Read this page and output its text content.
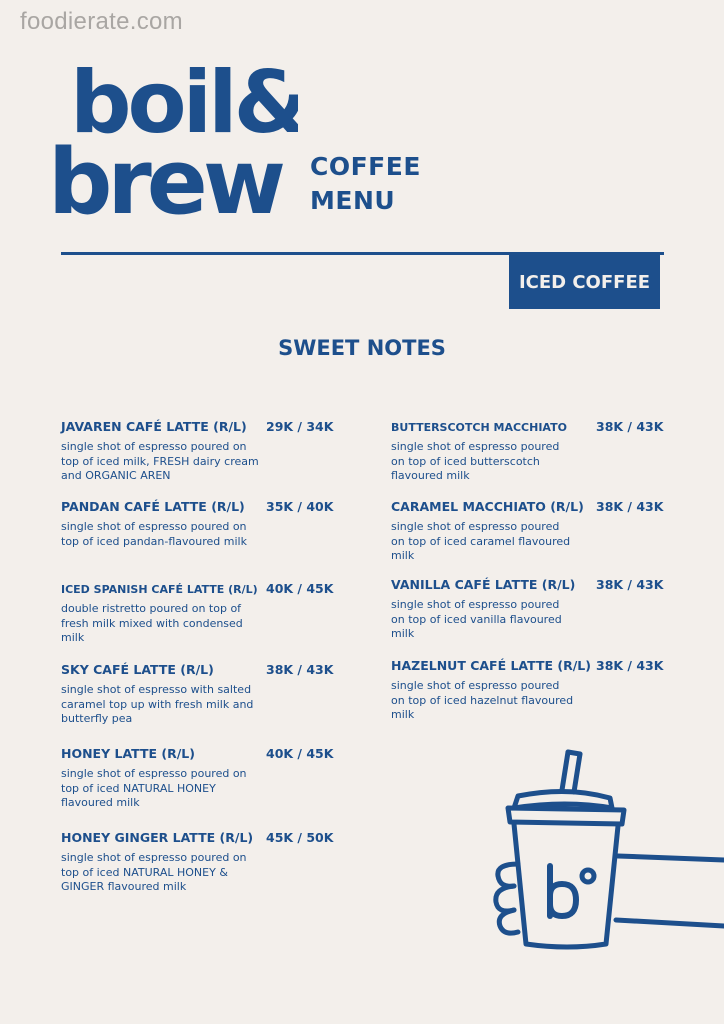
foodierate.com
boil&
brew COFFEE
MENU
ICED COFFEE
SWEET NOTES
JAVAREN CAFÉ LATTE (R/L) 29K / 34K
single shot of espresso poured on top of iced milk, FRESH dairy cream and ORGANIC AREN
PANDAN CAFÉ LATTE (R/L) 35K / 40K
single shot of espresso poured on top of iced pandan-flavoured milk
ICED SPANISH CAFÉ LATTE (R/L) 40K / 45K
double ristretto poured on top of fresh milk mixed with condensed milk
SKY CAFÉ LATTE (R/L)	38K / 43K
single shot of espresso with salted caramel top up with fresh milk and butterfly pea
HONEY LATTE (R/L)	40K / 45K
single shot of espresso poured on top of iced NATURAL HONEY flavoured milk
HONEY GINGER LATTE (R/L) 45K / 50K
single shot of espresso poured on top of iced NATURAL HONEY & GINGER flavoured milk
BUTTERSCOTCH MACCHIATO 38K / 43K
single shot of espresso poured on top of iced butterscotch flavoured milk
CARAMEL MACCHIATO (R/L) 38K / 43K
single shot of espresso poured on top of iced caramel flavoured milk
VANILLA CAFÉ LATTE (R/L) 38K / 43K
single shot of espresso poured on top of iced vanilla flavoured milk
HAZELNUT CAFÉ LATTE (R/L) 38K / 43K
single shot of espresso poured on top of iced hazelnut flavoured milk
